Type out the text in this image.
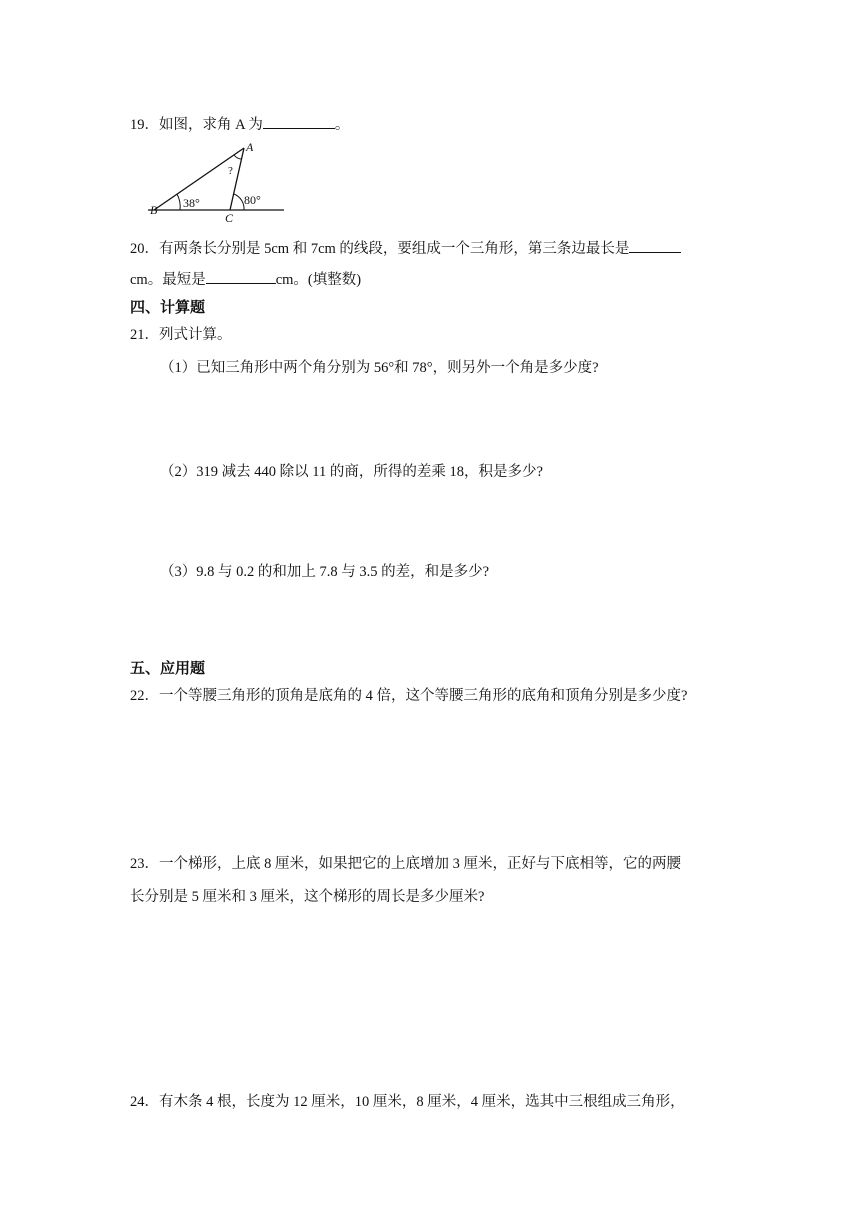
19．如图，求角 A 为	。
A
B
C
38°	80°
?
20．有两条长分别是 5cm 和 7cm 的线段，要组成一个三角形，第三条边最长是
cm。最短是	cm。(填整数)
四、计算题
21．列式计算。
（1）已知三角形中两个角分别为 56°和 78°，则另外一个角是多少度?
（2）319 减去 440 除以 11 的商，所得的差乘 18，积是多少?
（3）9.8 与 0.2 的和加上 7.8 与 3.5 的差，和是多少?
五、应用题
22．一个等腰三角形的顶角是底角的 4 倍，这个等腰三角形的底角和顶角分别是多少度?
23．一个梯形，上底 8 厘米，如果把它的上底增加 3 厘米，正好与下底相等，它的两腰
长分别是 5 厘米和 3 厘米，这个梯形的周长是多少厘米?
24．有木条 4 根，长度为 12 厘米，10 厘米，8 厘米，4 厘米，选其中三根组成三角形，
